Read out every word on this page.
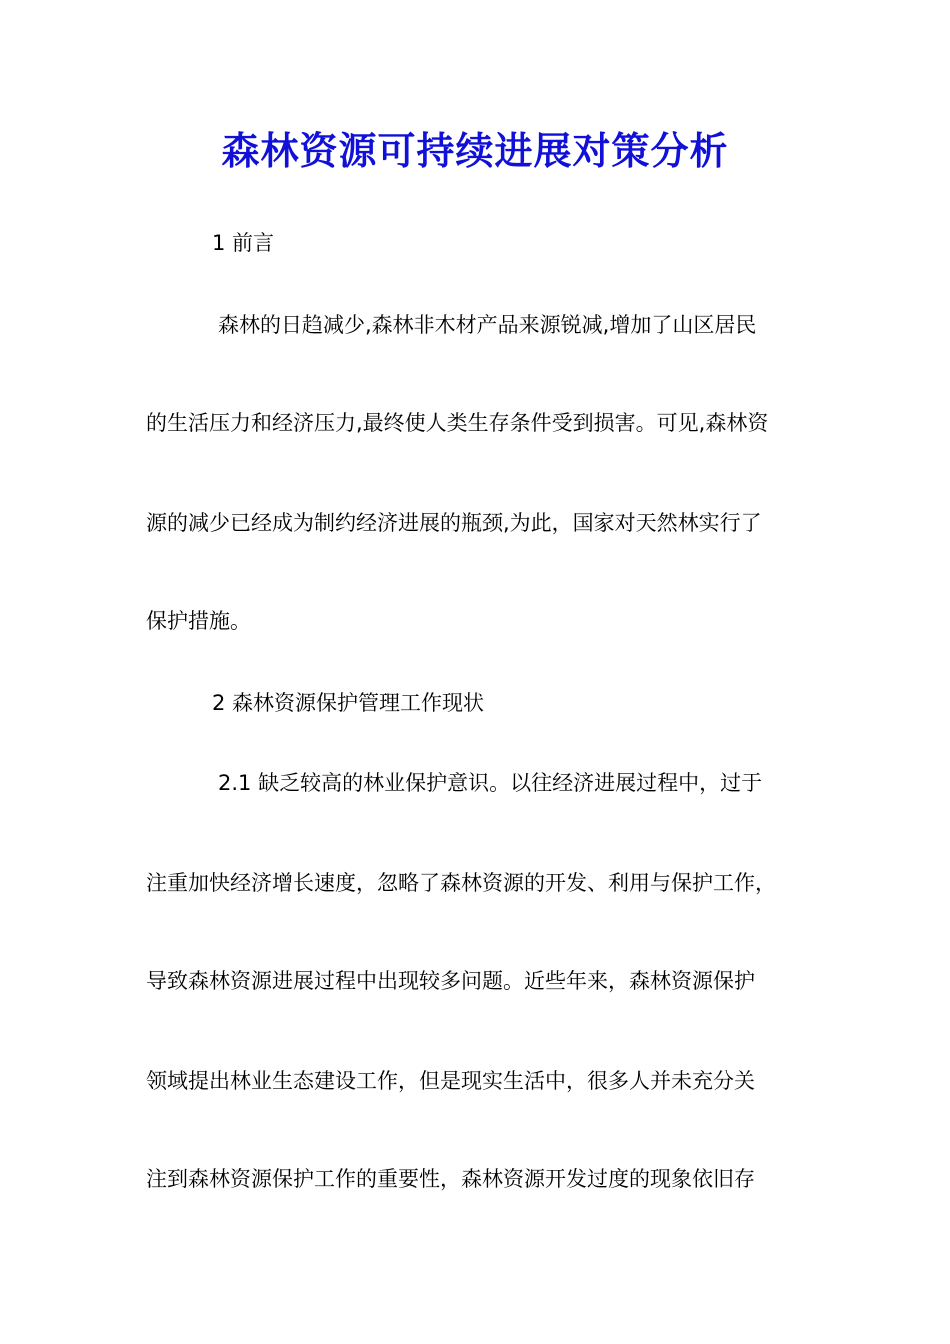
森林资源可持续进展对策分析
1 前言
森林的日趋减少,森林非木材产品来源锐减,增加了山区居民
的生活压力和经济压力,最终使人类生存条件受到损害。可见,森林资
源的减少已经成为制约经济进展的瓶颈,为此，国家对天然林实行了
保护措施。
2 森林资源保护管理工作现状
2.1 缺乏较高的林业保护意识。以往经济进展过程中，过于
注重加快经济增长速度，忽略了森林资源的开发、利用与保护工作，
导致森林资源进展过程中出现较多问题。近些年来，森林资源保护
领域提出林业生态建设工作，但是现实生活中，很多人并未充分关
注到森林资源保护工作的重要性，森林资源开发过度的现象依旧存
